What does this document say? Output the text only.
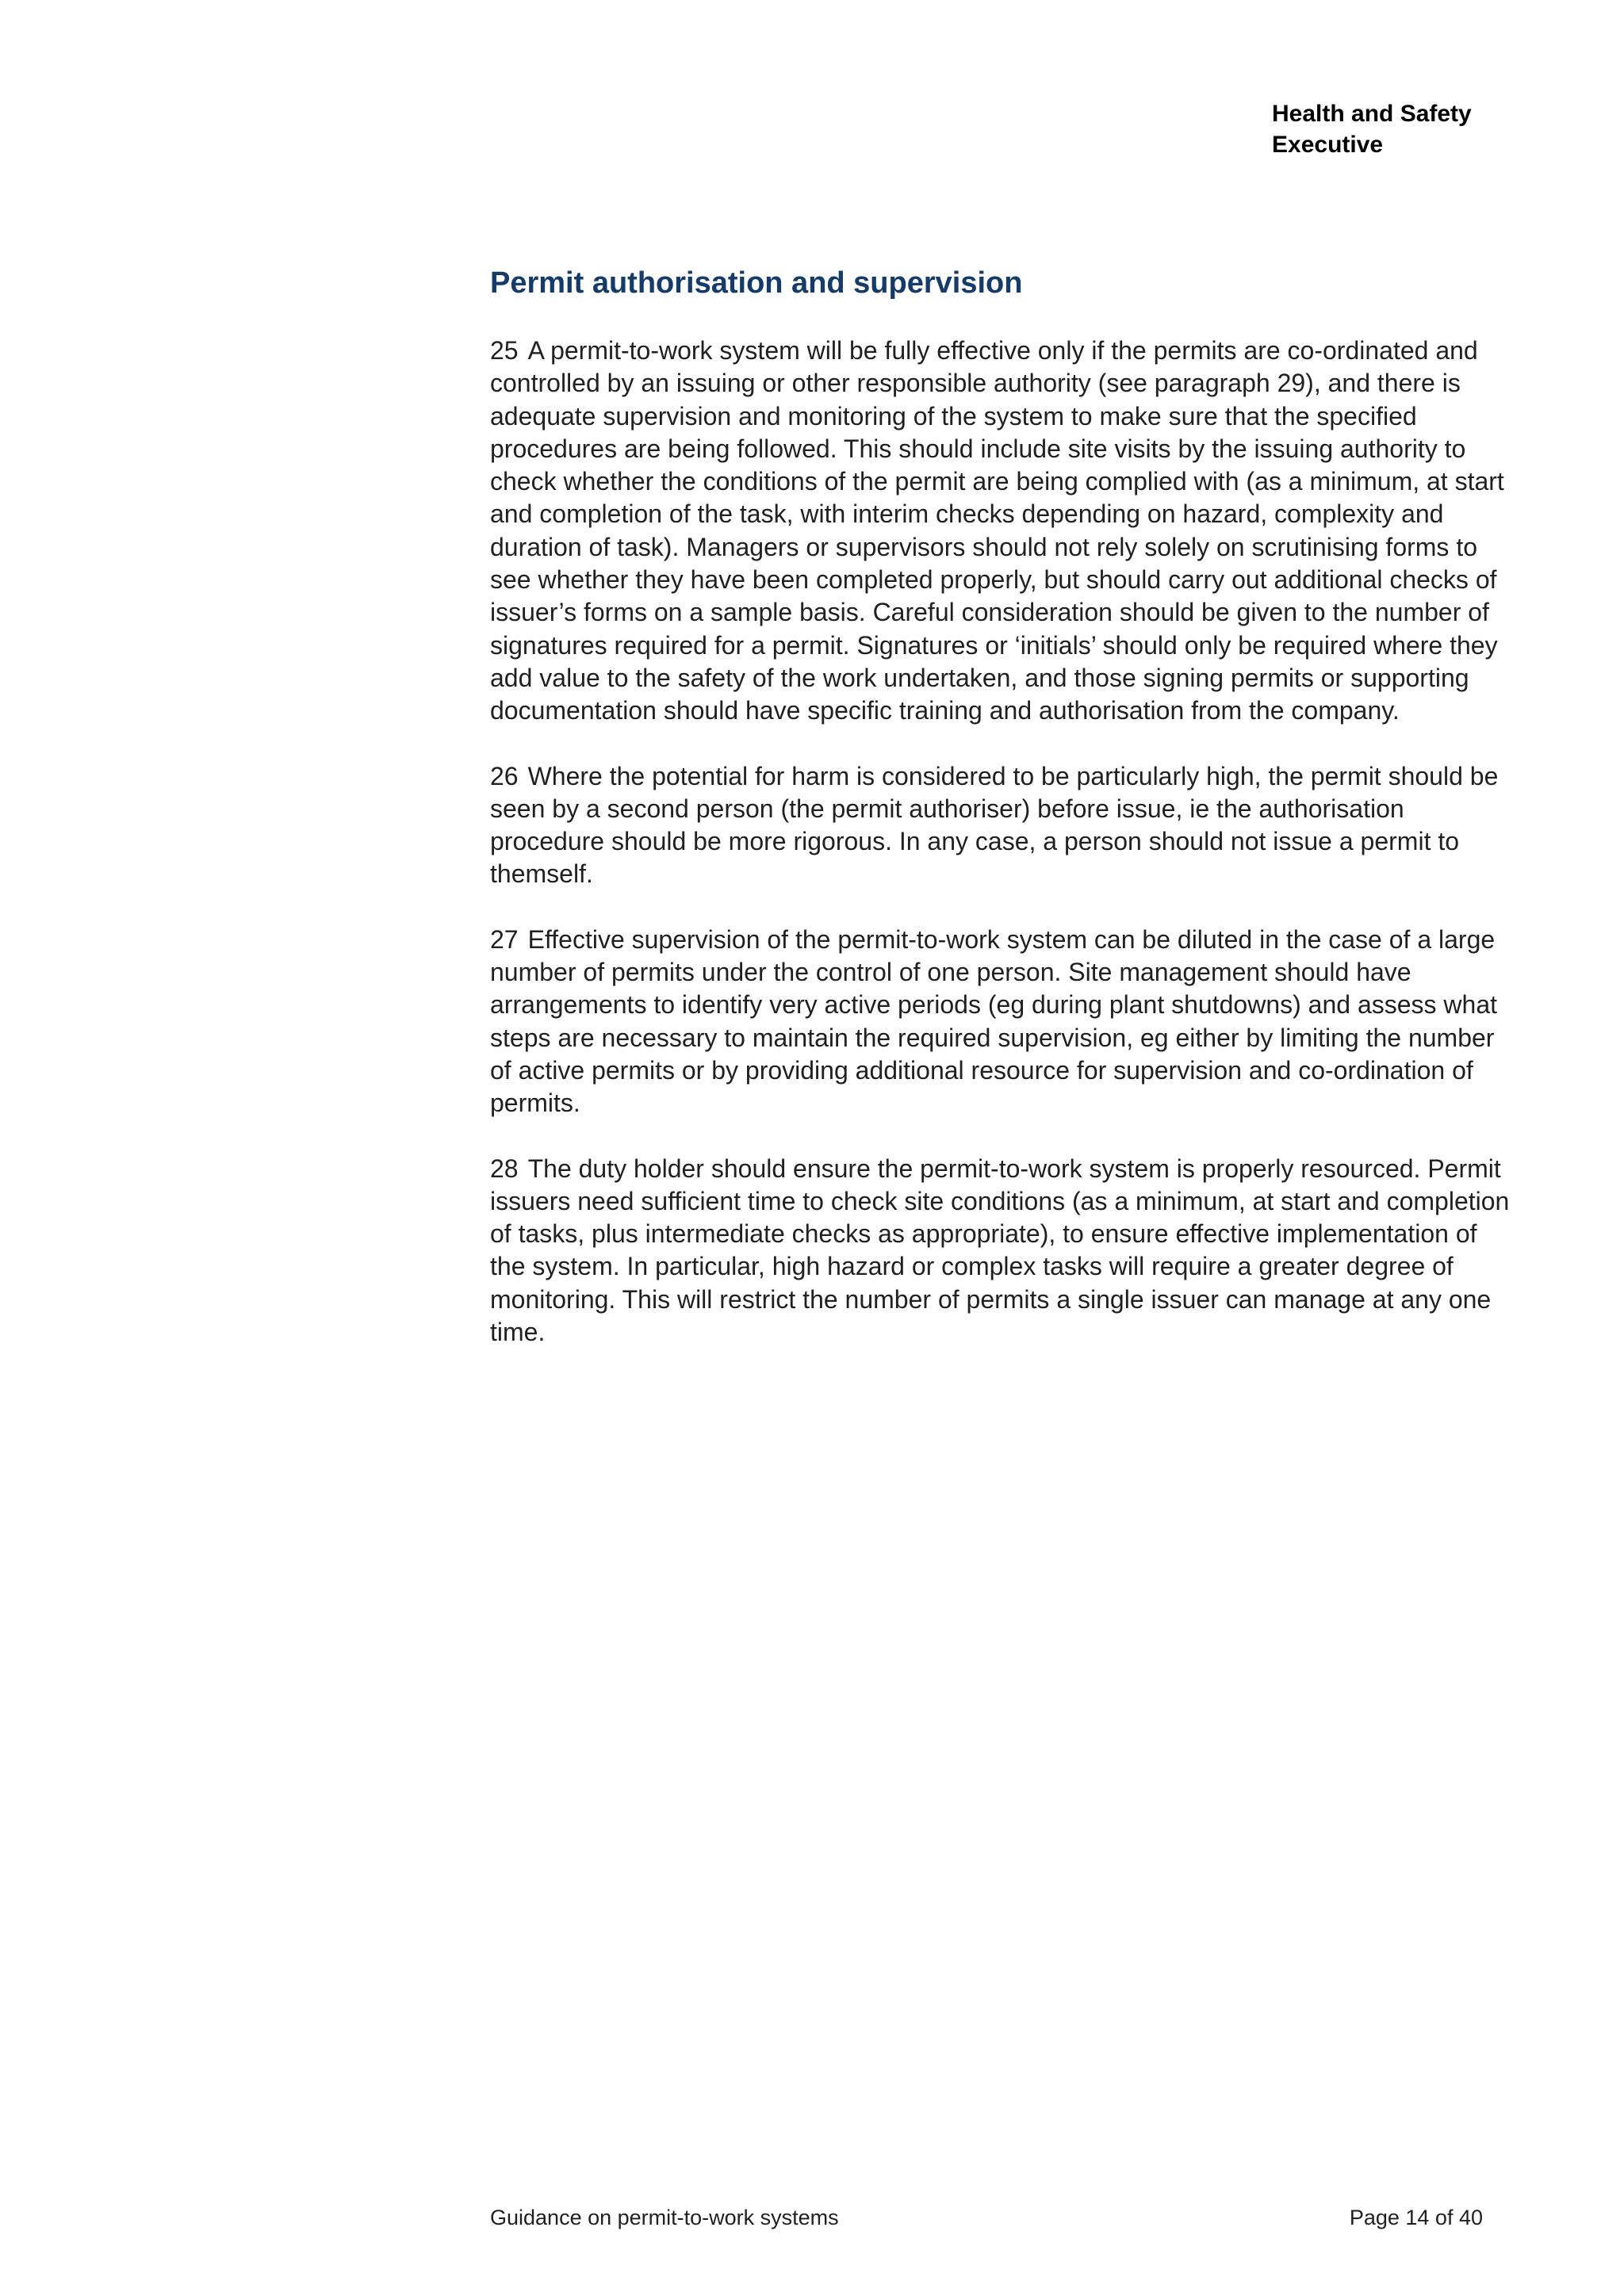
Health and Safety
Executive
Permit authorisation and supervision

25 A permit-to-work system will be fully effective only if the permits are co-ordinated and controlled by an issuing or other responsible authority (see paragraph 29), and there is adequate supervision and monitoring of the system to make sure that the specified procedures are being followed. This should include site visits by the issuing authority to check whether the conditions of the permit are being complied with (as a minimum, at start and completion of the task, with interim checks depending on hazard, complexity and duration of task). Managers or supervisors should not rely solely on scrutinising forms to see whether they have been completed properly, but should carry out additional checks of issuer’s forms on a sample basis. Careful consideration should be given to the number of signatures required for a permit. Signatures or ‘initials’ should only be required where they add value to the safety of the work undertaken, and those signing permits or supporting documentation should have specific training and authorisation from the company.

26 Where the potential for harm is considered to be particularly high, the permit should be seen by a second person (the permit authoriser) before issue, ie the authorisation procedure should be more rigorous. In any case, a person should not issue a permit to themself.

27 Effective supervision of the permit-to-work system can be diluted in the case of a large number of permits under the control of one person. Site management should have arrangements to identify very active periods (eg during plant shutdowns) and assess what steps are necessary to maintain the required supervision, eg either by limiting the number of active permits or by providing additional resource for supervision and co-ordination of permits.

28 The duty holder should ensure the permit-to-work system is properly resourced. Permit issuers need sufficient time to check site conditions (as a minimum, at start and completion of tasks, plus intermediate checks as appropriate), to ensure effective implementation of the system. In particular, high hazard or complex tasks will require a greater degree of monitoring. This will restrict the number of permits a single issuer can manage at any one time.

Guidance on permit-to-work systems	Page 14 of 40
